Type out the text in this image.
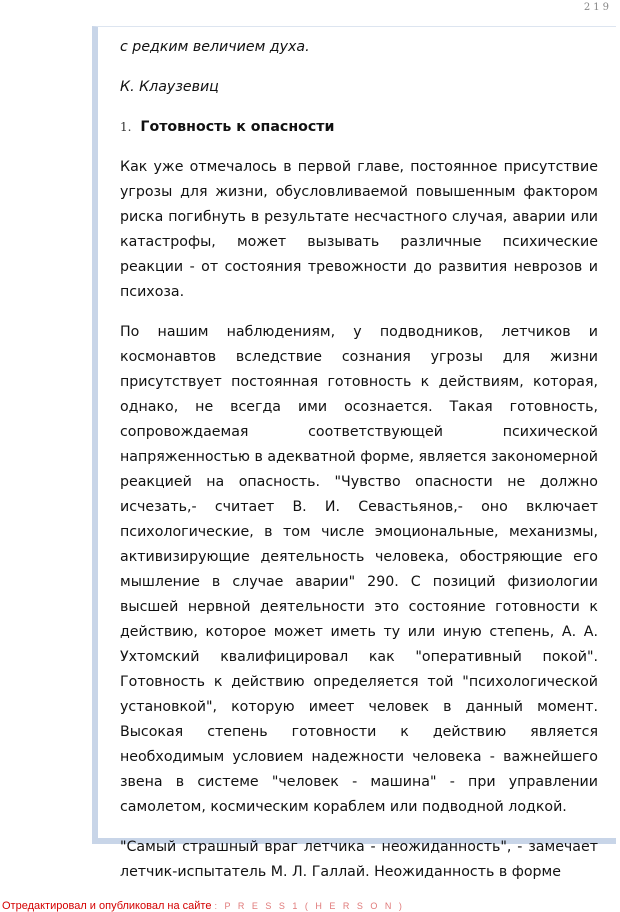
219

с редким величием духа.

К. Клаузевиц

1. Готовность к опасности

Как уже отмечалось в первой главе, постоянное присутствие угрозы для жизни, обусловливаемой повышенным фактором риска погибнуть в результате несчастного случая, аварии или катастрофы, может вызывать различные психические реакции - от состояния тревожности до развития неврозов и психоза.

По нашим наблюдениям, у подводников, летчиков и космонавтов вследствие сознания угрозы для жизни присутствует постоянная готовность к действиям, которая, однако, не всегда ими осознается. Такая готовность, сопровождаемая соответствующей психической напряженностью в адекватной форме, является закономерной реакцией на опасность. "Чувство опасности не должно исчезать,- считает В. И. Севастьянов,- оно включает психологические, в том числе эмоциональные, механизмы, активизирующие деятельность человека, обостряющие его мышление в случае аварии" 290. С позиций физиологии высшей нервной деятельности это состояние готовности к действию, которое может иметь ту или иную степень, А. А. Ухтомский квалифицировал как "оперативный покой". Готовность к действию определяется той "психологической установкой", которую имеет человек в данный момент. Высокая степень готовности к действию является необходимым условием надежности человека - важнейшего звена в системе "человек - машина" - при управлении самолетом, космическим кораблем или подводной лодкой.

"Самый страшный враг летчика - неожиданность", - замечает летчик-испытатель М. Л. Галлай. Неожиданность в форме

Отредактировал и опубликовал на сайте : P R E S S 1 ( H E R S O N )
